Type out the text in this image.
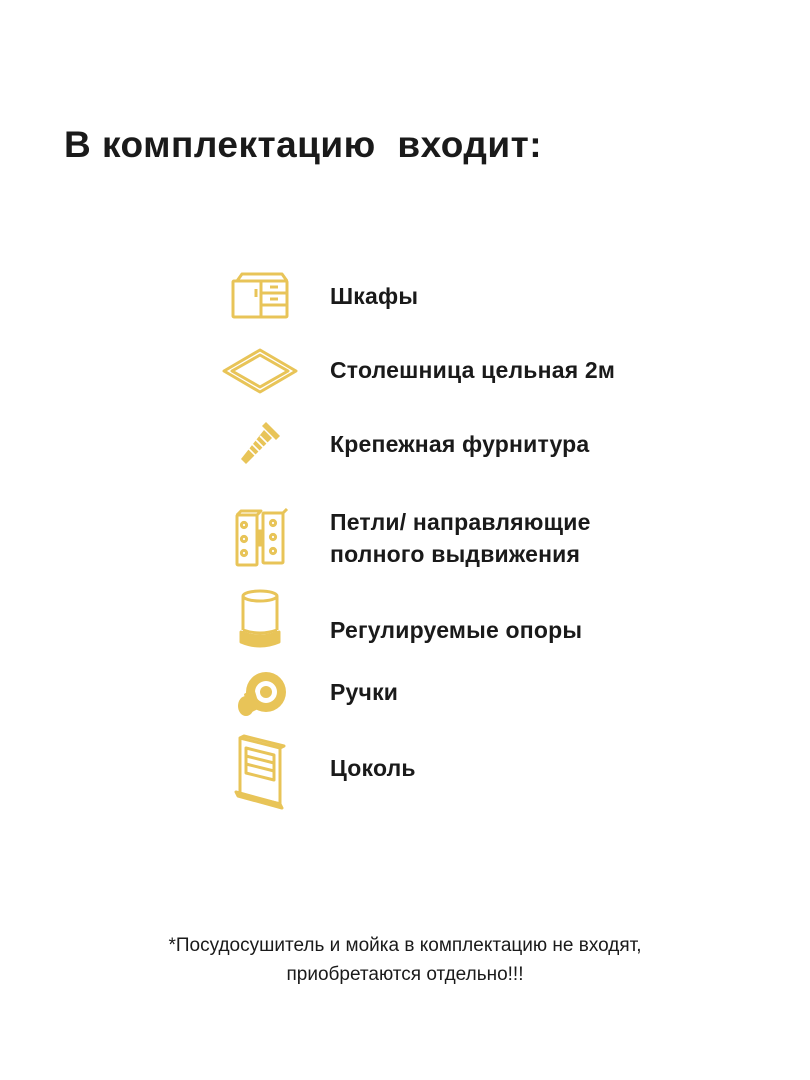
В комплектацию  входит:
Шкафы
Столешница цельная 2м
Крепежная фурнитура
Петли/ направляющие
полного выдвижения
Регулируемые опоры
Ручки
Цоколь
*Посудосушитель и мойка в комплектацию не входят,
приобретаются отдельно!!!
